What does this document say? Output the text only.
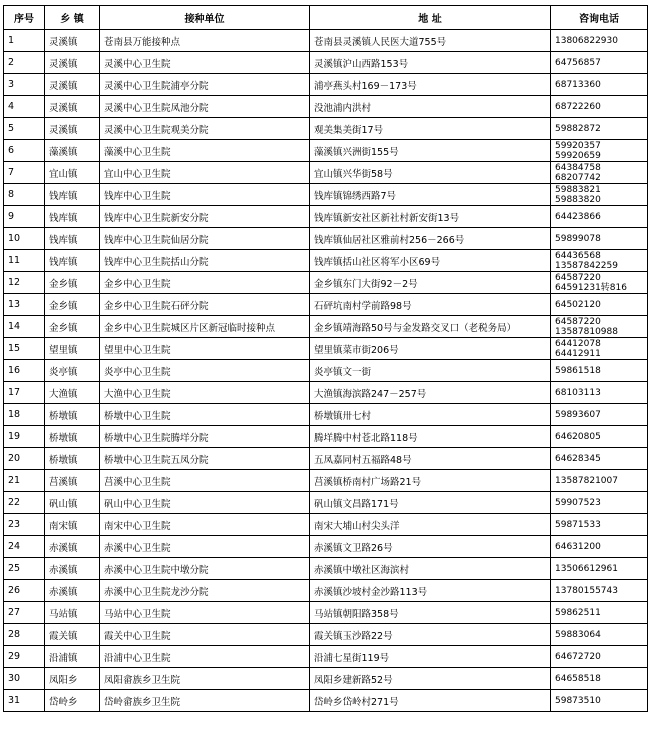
序号	乡 镇	接种单位	地 址	咨询电话
1	灵溪镇	苍南县万能接种点	苍南县灵溪镇人民医大道755号	13806822930
2	灵溪镇	灵溪中心卫生院	灵溪镇沪山西路153号	64756857
3	灵溪镇	灵溪中心卫生院浦亭分院	浦亭燕头村169－173号	68713360
4	灵溪镇	灵溪中心卫生院凤池分院	没池浦内洪村	68722260
5	灵溪镇	灵溪中心卫生院观美分院	观美集美街17号	59882872
6	藻溪镇	藻溪中心卫生院	藻溪镇兴洲街155号	59920357
59920659
7	宜山镇	宜山中心卫生院	宜山镇兴华街58号	64384758
68207742
8	钱库镇	钱库中心卫生院	钱库镇锦绣西路7号	59883821
59883820
9	钱库镇	钱库中心卫生院新安分院	钱库镇新安社区新社村新安街13号	64423866
10	钱库镇	钱库中心卫生院仙居分院	钱库镇仙居社区雅前村256－266号	59899078
11	钱库镇	钱库中心卫生院括山分院	钱库镇括山社区将军小区69号	64436568
13587842259
12	金乡镇	金乡中心卫生院	金乡镇东门大街92－2号	64587220
64591231转816
13	金乡镇	金乡中心卫生院石砰分院	石砰坑南村学前路98号	64502120
14	金乡镇	金乡中心卫生院城区片区新冠临时接种点	金乡镇靖海路50号与金发路交叉口（老税务局）	64587220
13587810988
15	望里镇	望里中心卫生院	望里镇菜市街206号	64412078
64412911
16	炎亭镇	炎亭中心卫生院	炎亭镇文一街	59861518
17	大渔镇	大渔中心卫生院	大渔镇海滨路247－257号	68103113
18	桥墩镇	桥墩中心卫生院	桥墩镇卅七村	59893607
19	桥墩镇	桥墩中心卫生院腾垟分院	腾垟腾中村苍北路118号	64620805
20	桥墩镇	桥墩中心卫生院五凤分院	五凤嘉同村五福路48号	64628345
21	莒溪镇	莒溪中心卫生院	莒溪镇桥南村广场路21号	13587821007
22	矾山镇	矾山中心卫生院	矾山镇文昌路171号	59907523
23	南宋镇	南宋中心卫生院	南宋大埔山村尖头洋	59871533
24	赤溪镇	赤溪中心卫生院	赤溪镇文卫路26号	64631200
25	赤溪镇	赤溪中心卫生院中墩分院	赤溪镇中墩社区海滨村	13506612961
26	赤溪镇	赤溪中心卫生院龙沙分院	赤溪镇沙坡村金沙路113号	13780155743
27	马站镇	马站中心卫生院	马站镇朝阳路358号	59862511
28	霞关镇	霞关中心卫生院	霞关镇玉沙路22号	59883064
29	沿浦镇	沿浦中心卫生院	沿浦七星街119号	64672720
30	凤阳乡	凤阳畲族乡卫生院	凤阳乡建新路52号	64658518
31	岱岭乡	岱岭畲族乡卫生院	岱岭乡岱岭村271号	59873510
